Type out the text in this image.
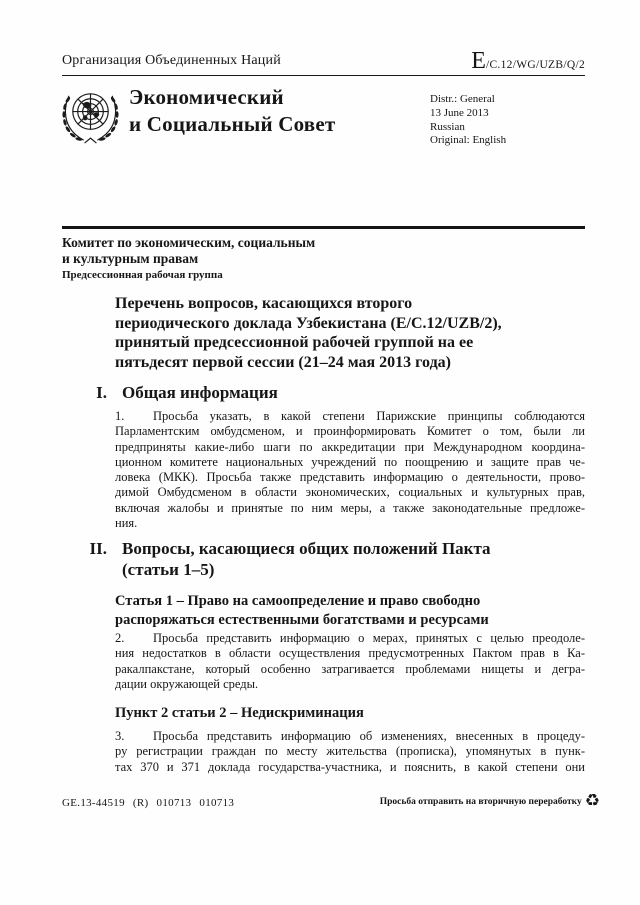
Организация Объединенных Наций	E/C.12/WG/UZB/Q/2
Экономический
и Социальный Совет
Distr.: General
13 June 2013
Russian
Original: English
Комитет по экономическим, социальным
и культурным правам
Предсессионная рабочая группа
Перечень вопросов, касающихся второго
периодического доклада Узбекистана (E/C.12/UZB/2),
принятый предсессионной рабочей группой на ее
пятьдесят первой сессии (21–24 мая 2013 года)
I. Общая информация
1. Просьба указать, в какой степени Парижские принципы соблюдаются
Парламентским омбудсменом, и проинформировать Комитет о том, были ли
предприняты какие-либо шаги по аккредитации при Международном координа-
ционном комитете национальных учреждений по поощрению и защите прав че-
ловека (МКК). Просьба также представить информацию о деятельности, прово-
димой Омбудсменом в области экономических, социальных и культурных прав,
включая жалобы и принятые по ним меры, а также законодательные предложе-
ния.
II. Вопросы, касающиеся общих положений Пакта
(статьи 1–5)
Статья 1 – Право на самоопределение и право свободно
распоряжаться естественными богатствами и ресурсами
2. Просьба представить информацию о мерах, принятых с целью преодоле-
ния недостатков в области осуществления предусмотренных Пактом прав в Ка-
ракалпакстане, который особенно затрагивается проблемами нищеты и дегра-
дации окружающей среды.
Пункт 2 статьи 2 – Недискриминация
3. Просьба представить информацию об изменениях, внесенных в процеду-
ру регистрации граждан по месту жительства (прописка), упомянутых в пунк-
тах 370 и 371 доклада государства-участника, и пояснить, в какой степени они
GE.13-44519 (R) 010713 010713	Просьба отправить на вторичную переработку ♻
